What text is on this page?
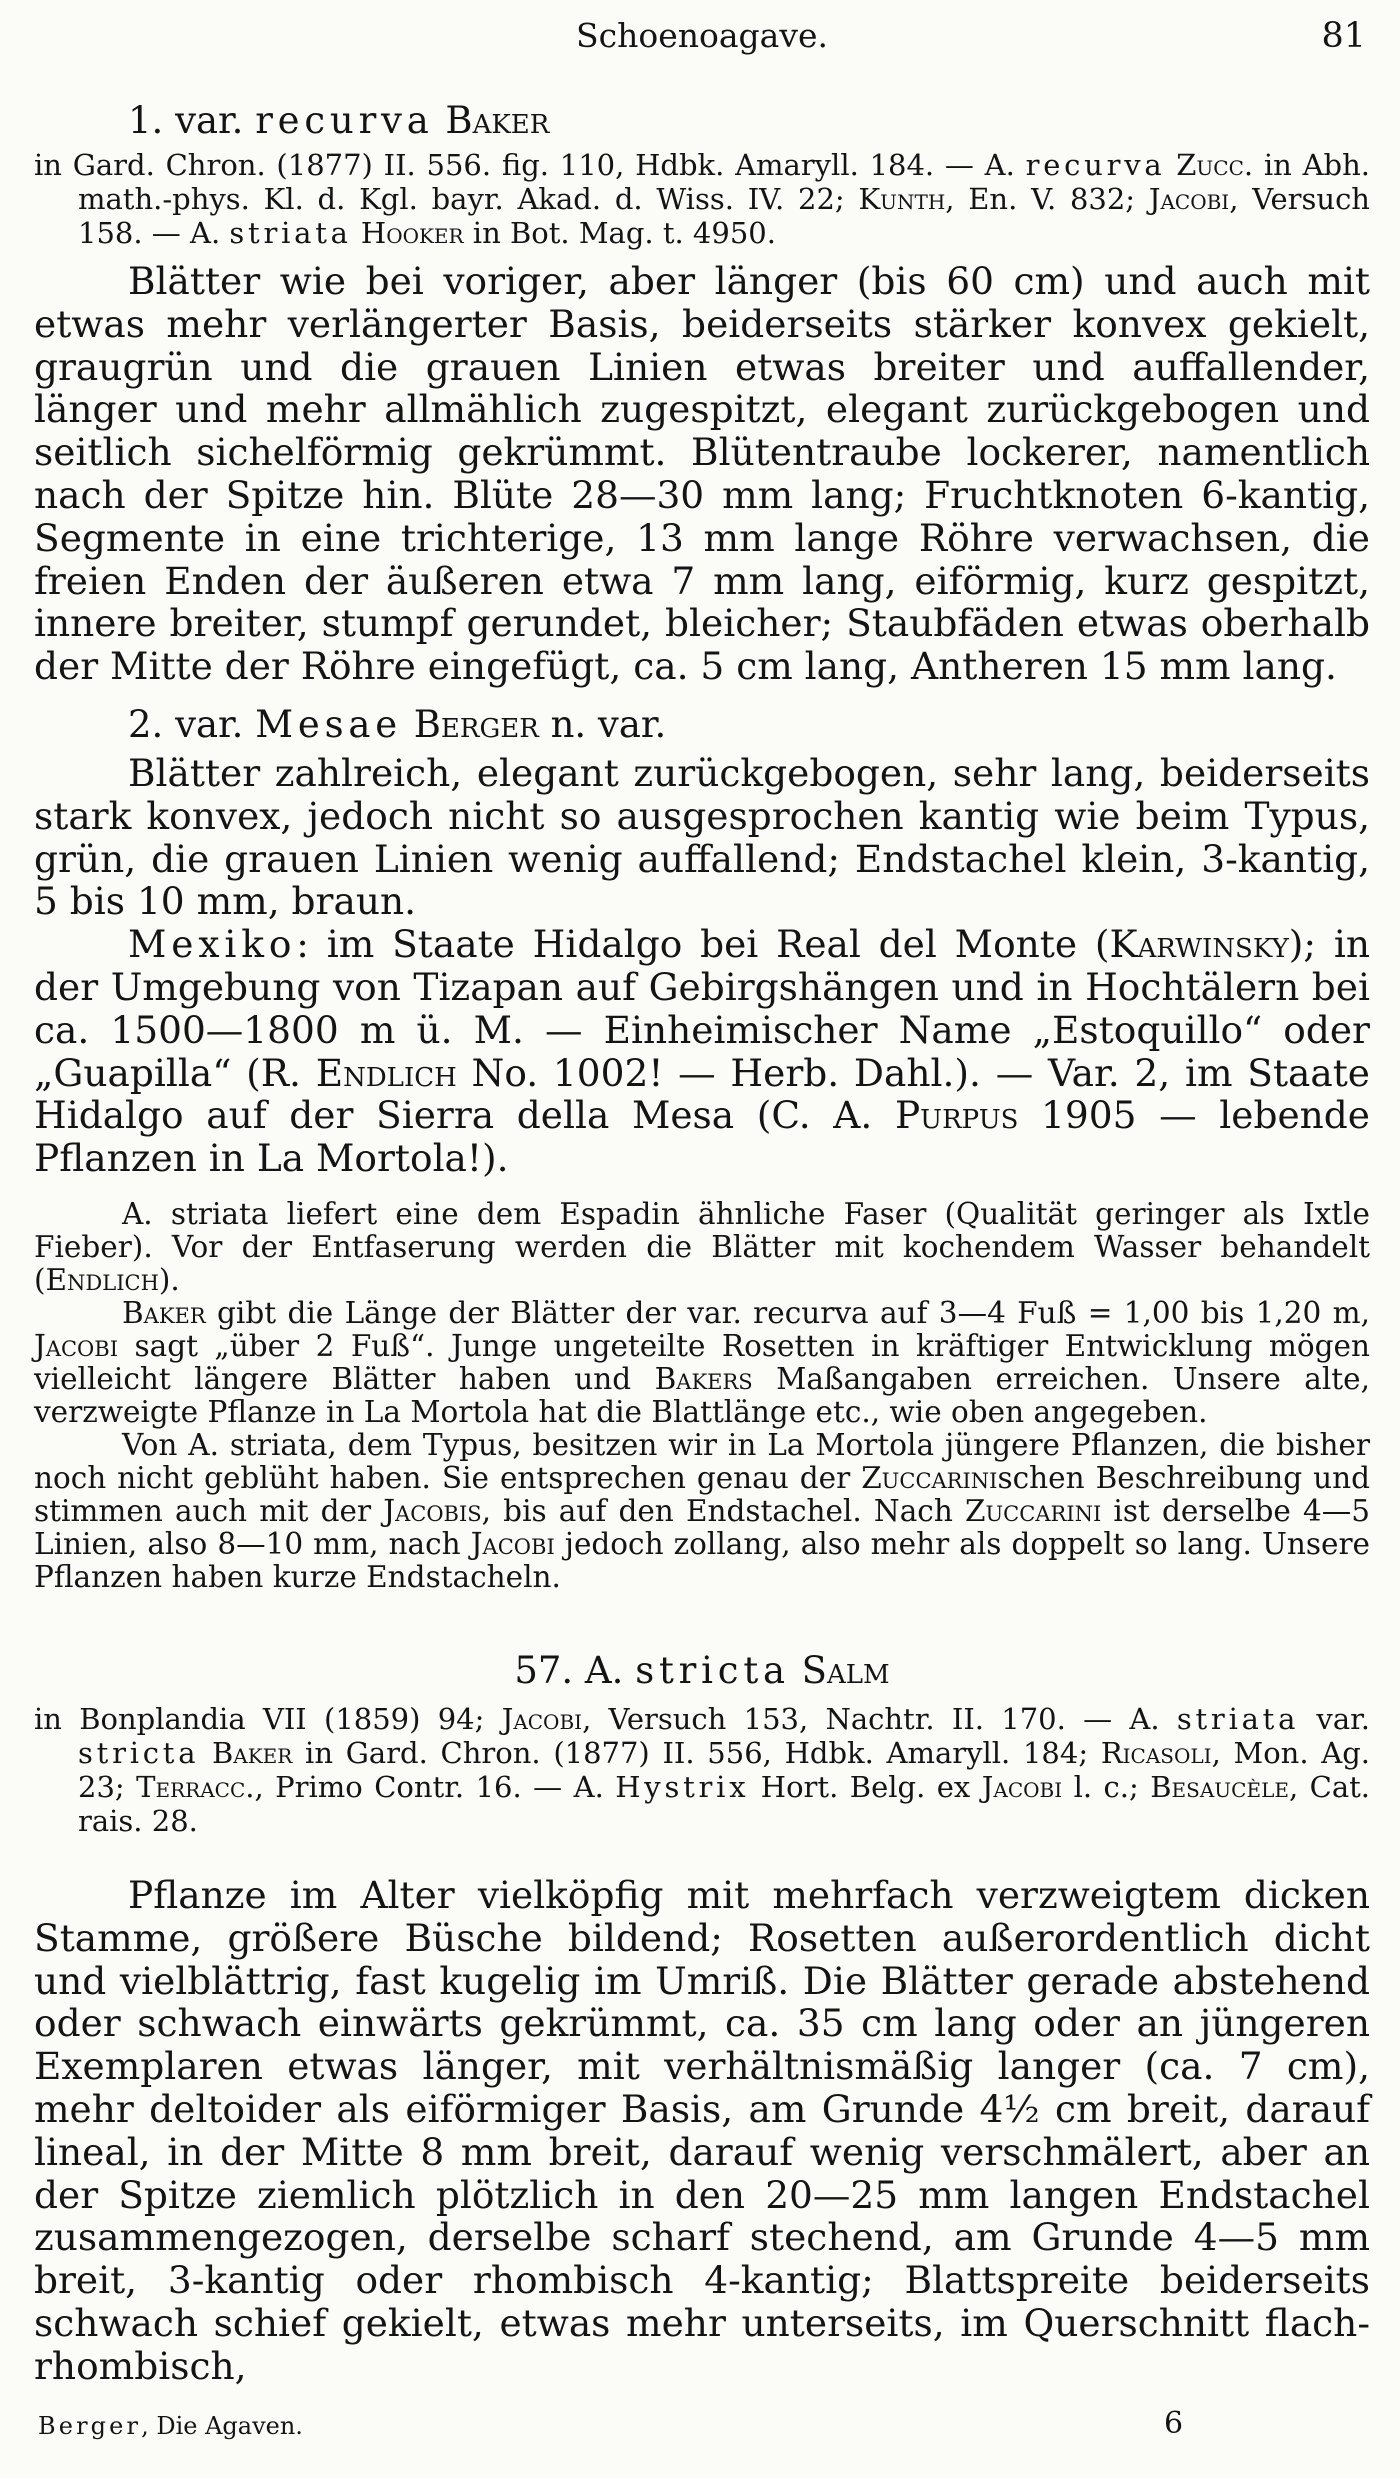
Schoenoagave.	81
1. var. recurva Baker
in Gard. Chron. (1877) II. 556. fig. 110, Hdbk. Amaryll. 184. — A. recurva Zucc. in Abh. math.-phys. Kl. d. Kgl. bayr. Akad. d. Wiss. IV. 22; Kunth, En. V. 832; Jacobi, Versuch 158. — A. striata Hooker in Bot. Mag. t. 4950.

Blätter wie bei voriger, aber länger (bis 60 cm) und auch mit etwas mehr verlängerter Basis, beiderseits stärker konvex gekielt, graugrün und die grauen Linien etwas breiter und auffallender, länger und mehr allmählich zugespitzt, elegant zurückgebogen und seitlich sichelförmig gekrümmt. Blütentraube lockerer, namentlich nach der Spitze hin. Blüte 28—30 mm lang; Fruchtknoten 6-kantig, Segmente in eine trichterige, 13 mm lange Röhre verwachsen, die freien Enden der äußeren etwa 7 mm lang, eiförmig, kurz gespitzt, innere breiter, stumpf gerundet, bleicher; Staubfäden etwas oberhalb der Mitte der Röhre eingefügt, ca. 5 cm lang, Antheren 15 mm lang.

2. var. Mesae Berger n. var.

Blätter zahlreich, elegant zurückgebogen, sehr lang, beiderseits stark konvex, jedoch nicht so ausgesprochen kantig wie beim Typus, grün, die grauen Linien wenig auffallend; Endstachel klein, 3-kantig, 5 bis 10 mm, braun.

Mexiko: im Staate Hidalgo bei Real del Monte (Karwinsky); in der Umgebung von Tizapan auf Gebirgshängen und in Hochtälern bei ca. 1500—1800 m ü. M. — Einheimischer Name „Estoquillo“ oder „Guapilla“ (R. Endlich No. 1002! — Herb. Dahl.). — Var. 2, im Staate Hidalgo auf der Sierra della Mesa (C. A. Purpus 1905 — lebende Pflanzen in La Mortola!).

A. striata liefert eine dem Espadin ähnliche Faser (Qualität geringer als Ixtle Fieber). Vor der Entfaserung werden die Blätter mit kochendem Wasser behandelt (Endlich).

Baker gibt die Länge der Blätter der var. recurva auf 3—4 Fuß = 1,00 bis 1,20 m, Jacobi sagt „über 2 Fuß“. Junge ungeteilte Rosetten in kräftiger Entwicklung mögen vielleicht längere Blätter haben und Bakers Maßangaben erreichen. Unsere alte, verzweigte Pflanze in La Mortola hat die Blattlänge etc., wie oben angegeben.

Von A. striata, dem Typus, besitzen wir in La Mortola jüngere Pflanzen, die bisher noch nicht geblüht haben. Sie entsprechen genau der Zuccarinischen Beschreibung und stimmen auch mit der Jacobis, bis auf den Endstachel. Nach Zuccarini ist derselbe 4—5 Linien, also 8—10 mm, nach Jacobi jedoch zollang, also mehr als doppelt so lang. Unsere Pflanzen haben kurze Endstacheln.

57. A. stricta Salm
in Bonplandia VII (1859) 94; Jacobi, Versuch 153, Nachtr. II. 170. — A. striata var. stricta Baker in Gard. Chron. (1877) II. 556, Hdbk. Amaryll. 184; Ricasoli, Mon. Ag. 23; Terracc., Primo Contr. 16. — A. Hystrix Hort. Belg. ex Jacobi l. c.; Besaucèle, Cat. rais. 28.

Pflanze im Alter vielköpfig mit mehrfach verzweigtem dicken Stamme, größere Büsche bildend; Rosetten außerordentlich dicht und vielblättrig, fast kugelig im Umriß. Die Blätter gerade abstehend oder schwach einwärts gekrümmt, ca. 35 cm lang oder an jüngeren Exemplaren etwas länger, mit verhältnismäßig langer (ca. 7 cm), mehr deltoider als eiförmiger Basis, am Grunde 4½ cm breit, darauf lineal, in der Mitte 8 mm breit, darauf wenig verschmälert, aber an der Spitze ziemlich plötzlich in den 20—25 mm langen Endstachel zusammengezogen, derselbe scharf stechend, am Grunde 4—5 mm breit, 3-kantig oder rhombisch 4-kantig; Blattspreite beiderseits schwach schief gekielt, etwas mehr unterseits, im Querschnitt flach-rhombisch,

Berger, Die Agaven.	6
